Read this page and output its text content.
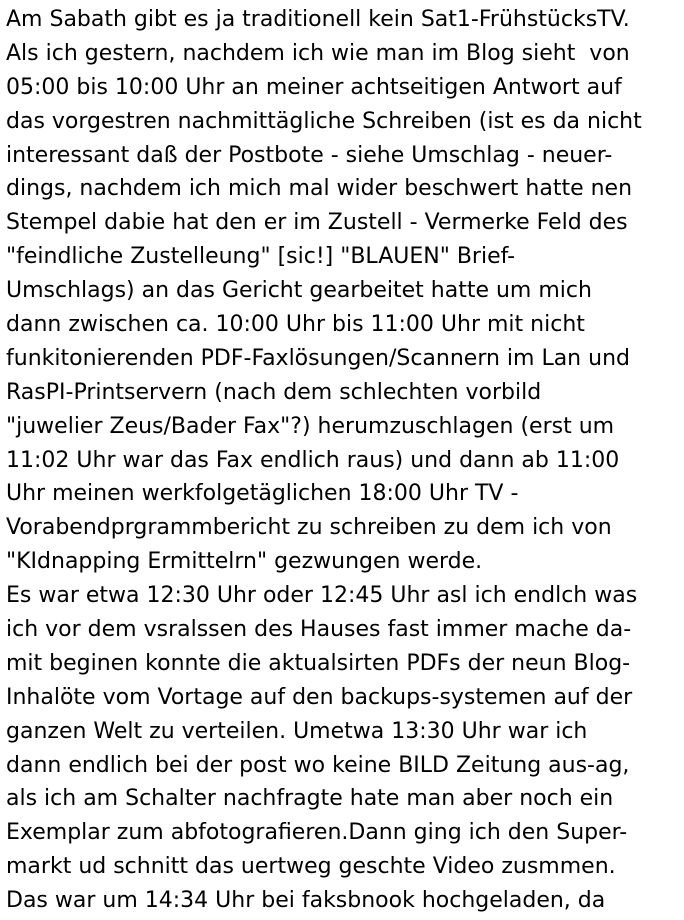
Am Sabath gibt es ja traditionell kein Sat1-FrühstücksTV.
Als ich gestern, nachdem ich wie man im Blog sieht  von
05:00 bis 10:00 Uhr an meiner achtseitigen Antwort auf
das vorgestren nachmittägliche Schreiben (ist es da nicht
interessant daß der Postbote - siehe Umschlag - neuer-
dings, nachdem ich mich mal wider beschwert hatte nen
Stempel dabie hat den er im Zustell - Vermerke Feld des
"feindliche Zustelleung" [sic!] "BLAUEN" Brief-
Umschlags) an das Gericht gearbeitet hatte um mich
dann zwischen ca. 10:00 Uhr bis 11:00 Uhr mit nicht
funkitonierenden PDF-Faxlösungen/Scannern im Lan und
RasPI-Printservern (nach dem schlechten vorbild
"juwelier Zeus/Bader Fax"?) herumzuschlagen (erst um
11:02 Uhr war das Fax endlich raus) und dann ab 11:00
Uhr meinen werkfolgetäglichen 18:00 Uhr TV -
Vorabendprgrammbericht zu schreiben zu dem ich von
"KIdnapping Ermittelrn" gezwungen werde.
Es war etwa 12:30 Uhr oder 12:45 Uhr asl ich endlch was
ich vor dem vsralssen des Hauses fast immer mache da-
mit beginen konnte die aktualsirten PDFs der neun Blog-
Inhalöte vom Vortage auf den backups-systemen auf der
ganzen Welt zu verteilen. Umetwa 13:30 Uhr war ich
dann endlich bei der post wo keine BILD Zeitung aus-ag,
als ich am Schalter nachfragte hate man aber noch ein
Exemplar zum abfotografieren.Dann ging ich den Super-
markt ud schnitt das uertweg geschte Video zusmmen.
Das war um 14:34 Uhr bei faksbnook hochgeladen, da
